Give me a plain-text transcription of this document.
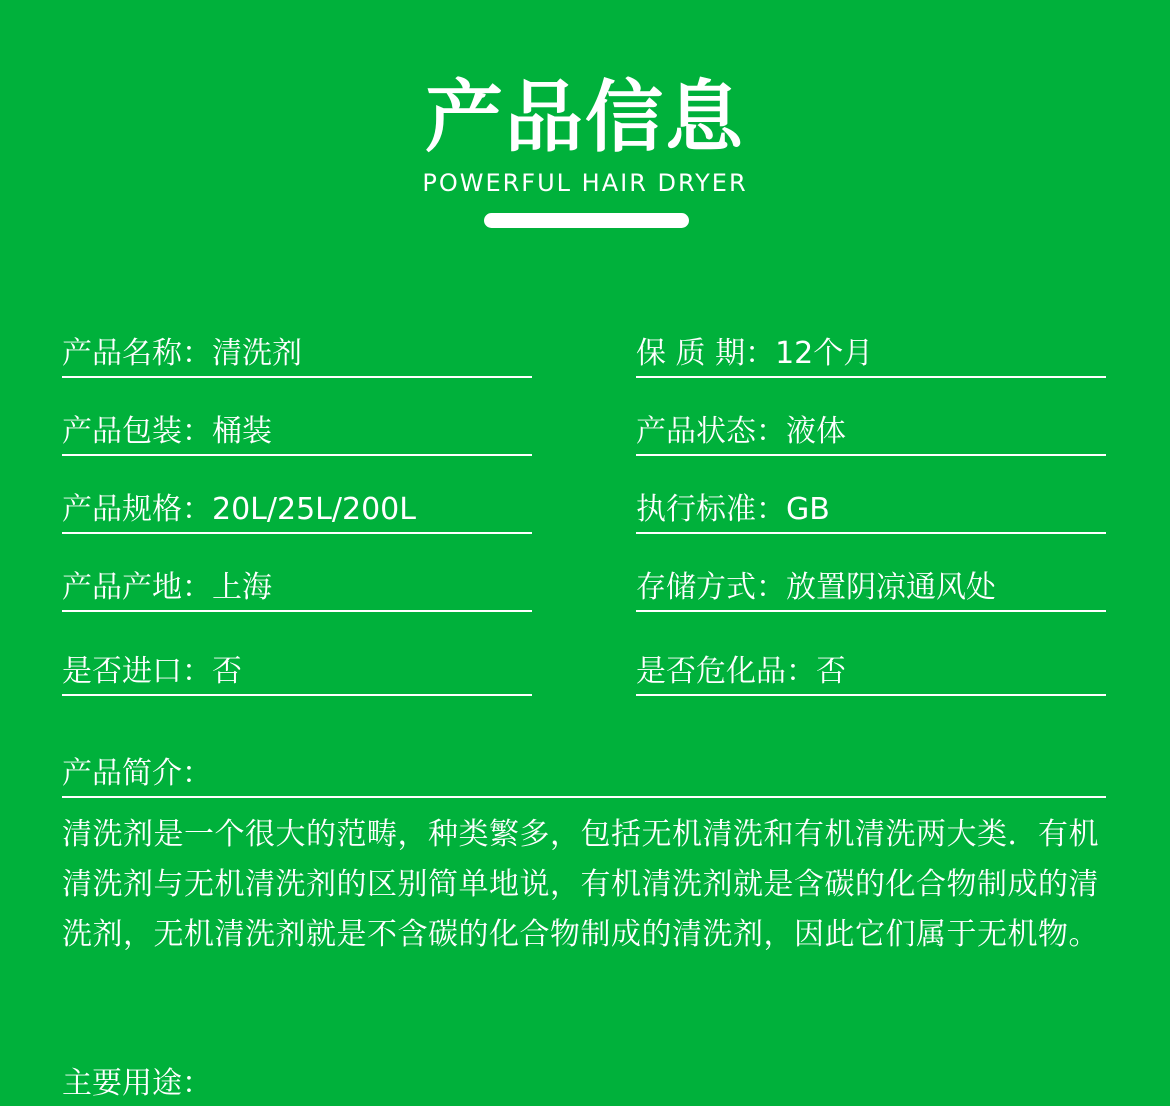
产品信息
POWERFUL HAIR DRYER
产品名称：清洗剂
产品包装：桶装
产品规格：20L/25L/200L
产品产地：上海
是否进口：否
保 质 期：12个月
产品状态：液体
执行标准：GB
存储方式：放置阴凉通风处
是否危化品：否
产品简介：
清洗剂是一个很大的范畴，种类繁多，包括无机清洗和有机清洗两大类．有机清洗剂与无机清洗剂的区别简单地说，有机清洗剂就是含碳的化合物制成的清洗剂，无机清洗剂就是不含碳的化合物制成的清洗剂，因此它们属于无机物。
主要用途：
